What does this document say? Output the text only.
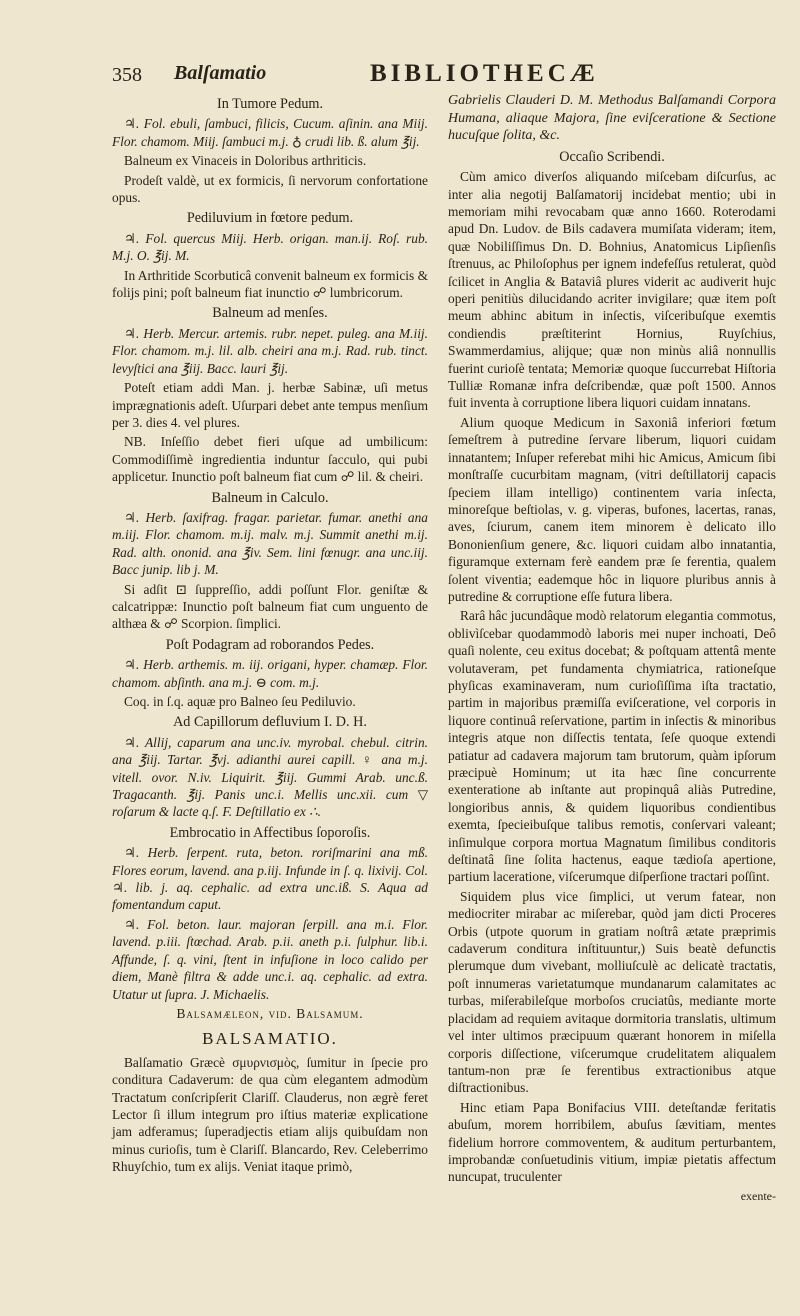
358 Balſamatio	BIBLIOTHECÆ
In Tumore Pedum.

♃. Fol. ebuli, ſambuci, filicis, Cucum. aſinin. ana Miij. Flor. chamom. Miij. ſambuci m.j. ♁ crudi lib. ß. alum ℥ij.

Balneum ex Vinaceis in Doloribus arthriticis.

Prodeſt valdè, ut ex formicis, ſi nervorum confortatione opus.

Pediluvium in fœtore pedum.

♃. Fol. quercus Miij. Herb. origan. man.ij. Roſ. rub. M.j. O. ℥ij. M.

In Arthritide Scorbuticâ convenit balneum ex formicis & folijs pini; poſt balneum fiat inunctio ☍ lumbricorum.

Balneum ad menſes.

♃. Herb. Mercur. artemis. rubr. nepet. puleg. ana M.iij. Flor. chamom. m.j. lil. alb. cheiri ana m.j. Rad. rub. tinct. levyſtici ana ℥iij. Bacc. lauri ℥ij.

Poteſt etiam addi Man. j. herbæ Sabinæ, uſi metus imprægnationis adeſt. Uſurpari debet ante tempus menſium per 3. dies 4. vel plures.

NB. Inſeſſio debet fieri uſque ad umbilicum: Commodiſſimè ingredientia induntur ſacculo, qui pubi applicetur. Inunctio poſt balneum fiat cum ☍ lil. & cheiri.

Balneum in Calculo.

♃. Herb. ſaxifrag. fragar. parietar. fumar. anethi ana m.iij. Flor. chamom. m.ij. malv. m.j. Summit anethi m.ij. Rad. alth. ononid. ana ℥iv. Sem. lini fœnugr. ana unc.iij. Bacc junip. lib j. M.

Si adſit ⊡ ſuppreſſio, addi poſſunt Flor. geniſtæ & calcatrippæ: Inunctio poſt balneum fiat cum unguento de althæa & ☍ Scorpion. ſimplici.

Poſt Podagram ad roborandos Pedes.

♃. Herb. arthemis. m. iij. origani, hyper. chamæp. Flor. chamom. abſinth. ana m.j. ⊖ com. m.j.

Coq. in ſ.q. aquæ pro Balneo ſeu Pediluvio.

Ad Capillorum defluvium I. D. H.

♃. Allij, caparum ana unc.iv. myrobal. chebul. citrin. ana ℥iij. Tartar. ℥vj. adianthi aurei capill. ♀ ana m.j. vitell. ovor. N.iv. Liquirit. ℥iij. Gummi Arab. unc.ß. Tragacanth. ℥ij. Panis unc.i. Mellis unc.xii. cum ▽ roſarum & lacte q.ſ. F. Deſtillatio ex ∴.

Embrocatio in Affectibus ſoporoſis.

♃. Herb. ſerpent. ruta, beton. roriſmarini ana mß. Flores eorum, lavend. ana p.iij. Infunde in ſ. q. lixivij. Col. ♃. lib. j. aq. cephalic. ad extra unc.iß. S. Aqua ad fomentandum caput.

♃. Fol. beton. laur. majoran ſerpill. ana m.i. Flor. lavend. p.iii. ſtœchad. Arab. p.ii. aneth p.i. ſulphur. lib.i. Affunde, ſ. q. vini, ſtent in infuſione in loco calido per diem, Manè filtra & adde unc.i. aq. cephalic. ad extra. Utatur ut ſupra. J. Michaelis.

Balsamæleon, vid. Balſamum.

BALSAMATIO.

Balſamatio Græcè σμυρνισμὸς, ſumitur in ſpecie pro conditura Cadaverum: de qua cùm elegantem admodùm Tractatum conſcripſerit Clariſſ. Clauderus, non ægrè feret Lector ſi illum integrum pro iſtius materiæ explicatione jam adferamus; ſuperadjectis etiam alijs quibuſdam non minus curioſis, tum è Clariſſ. Blancardo, Rev. Celeberrimo Rhuyſchio, tum ex alijs. Veniat itaque primò,

Gabrielis Clauderi D. M. Methodus Balſamandi Corpora Humana, aliaque Majora, ſine eviſceratione & Sectione hucuſque ſolita, &c.

Occaſio Scribendi.

Cùm amico diverſos aliquando miſcebam diſcurſus, ac inter alia negotij Balſamatorij incidebat mentio; ubi in memoriam mihi revocabam quæ anno 1660. Roterodami apud Dn. Ludov. de Bils cadavera mumiſata videram; item, quæ Nobiliſſimus Dn. D. Bohnius, Anatomicus Lipſienſis ſtrenuus, ac Philoſophus per ignem indefeſſus retulerat, quòd ſcilicet in Anglia & Bataviâ plures viderit ac audiverit hujc operi penitiùs dilucidando acriter invigilare; quæ item poſt meum abhinc abitum in inſectis, viſceribuſque exemtis condiendis præſtiterint Hornius, Ruyſchius, Swammerdamius, alijque; quæ non minùs aliâ nonnullis fuerint curioſè tentata; Memoriæ quoque ſuccurrebat Hiſtoria Tulliæ Romanæ infra deſcribendæ, quæ poſt 1500. Annos fuit inventa à corruptione libera liquori cuidam innatans.

Alium quoque Medicum in Saxoniâ inferiori fœtum ſemeſtrem à putredine ſervare liberum, liquori cuidam innatantem; Inſuper referebat mihi hic Amicus, Amicum ſibi monſtraſſe cucurbitam magnam, (vitri deſtillatorij capacis ſpeciem illam intelligo) continentem varia inſecta, minoreſque beſtiolas, v. g. viperas, bufones, lacertas, ranas, aves, ſciurum, canem item minorem è delicato illo Bononienſium genere, &c. liquori cuidam albo innatantia, figuramque externam ferè eandem præ ſe ferentia, qualem ſolent viventia; eademque hôc in liquore pluribus annis à putredine & corruptione eſſe futura libera.

Rarâ hâc jucundâque modò relatorum elegantia commotus, oblivìſcebar quodammodò laboris mei nuper inchoati, Deô quaſi nolente, ceu exitus docebat; & poſtquam attentâ mente volutaveram, pet fundamenta chymiatrica, rationeſque phyſicas examinaveram, num curioſiſſima iſta tractatio, partim in majoribus præmiſſa eviſceratione, vel corporis in liquore continuâ reſervatione, partim in inſectis & minoribus integris atque non diſſectis tentata, ſeſe quoque extendi patiatur ad cadavera majorum tam brutorum, quàm ipſorum præcipuè Hominum; ut ita hæc ſine concurrente exenteratione ab inſtante aut propinquâ aliàs Putredine, longioribus annis, & quidem liquoribus condientibus exemta, ſpecieibuſque talibus remotis, conſervari valeant; inſimulque corpora mortua Magnatum ſimilibus conditoris deſtinatâ ſine ſolita hactenus, eaque tædioſa apertione, partium laceratione, viſcerumque diſperſione tractari poſſint.

Siquidem plus vice ſimplici, ut verum fatear, non mediocriter mirabar ac miſerebar, quòd jam dicti Proceres Orbis (utpote quorum in gratiam noſtrâ ætate præprimis cadaverum conditura inſtituuntur,) Suis beatè defunctis plerumque dum vivebant, molliuſculè ac delicatè tractatis, poſt innumeras varietatumque mundanarum calamitates ac turbas, miſerabileſque morboſos cruciatûs, mediante morte placidam ad requiem avitaque dormitoria translatis, ultimum vel inter ultimos præcipuum quærant honorem in miſella corporis diſſectione, viſcerumque crudelitatem aliqualem tantum-non præ ſe ferentibus extractionibus atque diſtractionibus.

Hinc etiam Papa Bonifacius VIII. deteſtandæ feritatis abuſum, morem horribilem, abuſus ſævitiam, mentes fidelium horrore commoventem, & auditum perturbantem, improbandæ conſuetudinis vitium, impiæ pietatis affectum nuncupat, truculenter

exente-
